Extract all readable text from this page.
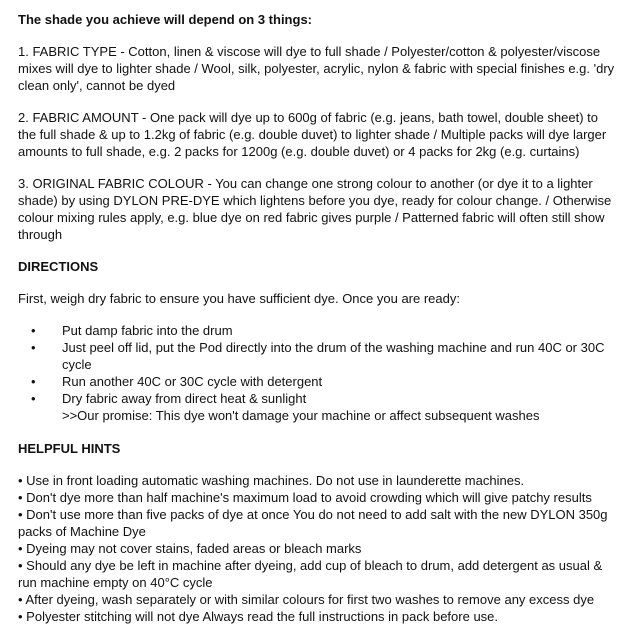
The shade you achieve will depend on 3 things:

1. FABRIC TYPE - Cotton, linen & viscose will dye to full shade / Polyester/cotton & polyester/viscose mixes will dye to lighter shade / Wool, silk, polyester, acrylic, nylon & fabric with special finishes e.g. 'dry clean only', cannot be dyed

2. FABRIC AMOUNT - One pack will dye up to 600g of fabric (e.g. jeans, bath towel, double sheet) to the full shade & up to 1.2kg of fabric (e.g. double duvet) to lighter shade / Multiple packs will dye larger amounts to full shade, e.g. 2 packs for 1200g (e.g. double duvet) or 4 packs for 2kg (e.g. curtains)

3. ORIGINAL FABRIC COLOUR - You can change one strong colour to another (or dye it to a lighter shade) by using DYLON PRE-DYE which lightens before you dye, ready for colour change. / Otherwise colour mixing rules apply, e.g. blue dye on red fabric gives purple / Patterned fabric will often still show through

DIRECTIONS

First, weigh dry fabric to ensure you have sufficient dye. Once you are ready:

• Put damp fabric into the drum
• Just peel off lid, put the Pod directly into the drum of the washing machine and run 40C or 30C cycle
• Run another 40C or 30C cycle with detergent
• Dry fabric away from direct heat & sunlight
>>Our promise: This dye won't damage your machine or affect subsequent washes
HELPFUL HINTS
• Use in front loading automatic washing machines. Do not use in launderette machines.
• Don't dye more than half machine's maximum load to avoid crowding which will give patchy results
• Don't use more than five packs of dye at once You do not need to add salt with the new DYLON 350g packs of Machine Dye
• Dyeing may not cover stains, faded areas or bleach marks
• Should any dye be left in machine after dyeing, add cup of bleach to drum, add detergent as usual & run machine empty on 40°C cycle
• After dyeing, wash separately or with similar colours for first two washes to remove any excess dye
• Polyester stitching will not dye Always read the full instructions in pack before use.
